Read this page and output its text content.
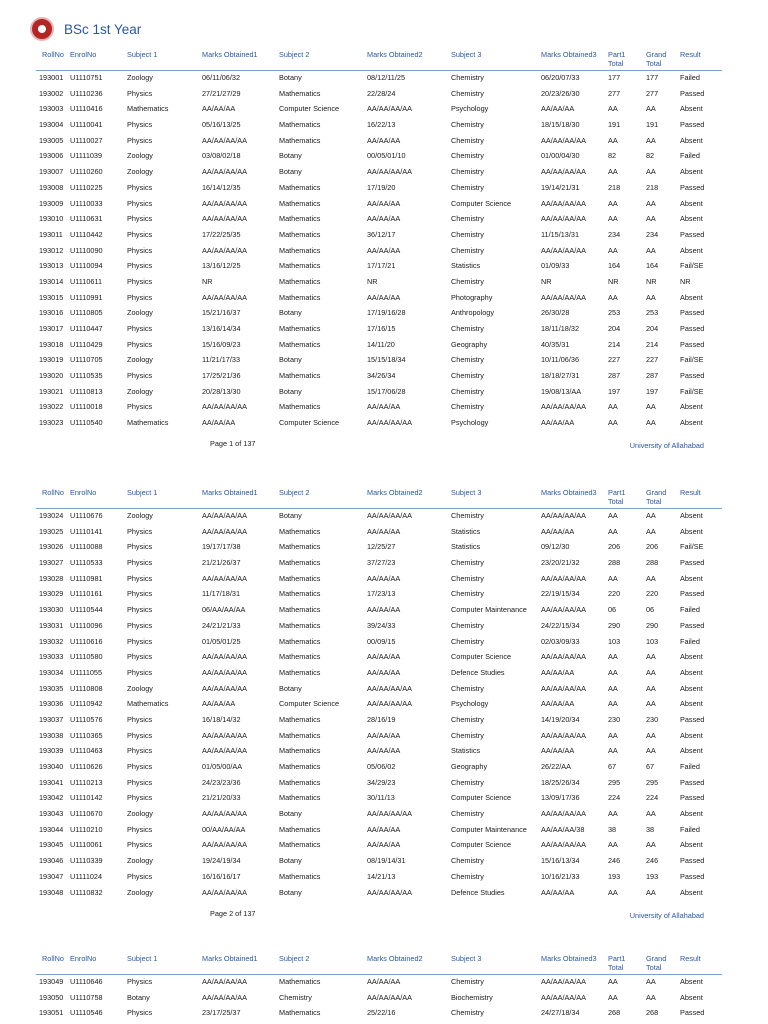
BSc 1st Year
RollNo EnrolNo	Subject 1	Marks Obtained1	Subject 2	Marks Obtained2	Subject 3	Marks Obtained3	Part1 Total
Grand Total
Result
193001 U1110751	Zoology	06/11/06/32	Botany	08/12/11/25	Chemistry	06/20/07/33	177	177	Failed
193002 U1110236	Physics	27/21/27/29	Mathematics	22/28/24	Chemistry	20/23/26/30	277	277	Passed
193003 U1110416	Mathematics	AA/AA/AA	Computer Science	AA/AA/AA/AA	Psychology	AA/AA/AA	AA	AA	Absent
193004 U1110041	Physics	05/16/13/25	Mathematics	16/22/13	Chemistry	18/15/18/30	191	191	Passed
193005 U1110027	Physics	AA/AA/AA/AA	Mathematics	AA/AA/AA	Chemistry	AA/AA/AA/AA	AA	AA	Absent
193006 U1111039	Zoology	03/08/02/18	Botany	00/05/01/10	Chemistry	01/00/04/30	82	82	Failed
193007 U1110260	Zoology	AA/AA/AA/AA	Botany	AA/AA/AA/AA	Chemistry	AA/AA/AA/AA	AA	AA	Absent
193008 U1110225	Physics	16/14/12/35	Mathematics	17/19/20	Chemistry	19/14/21/31	218	218	Passed
193009 U1110033	Physics	AA/AA/AA/AA	Mathematics	AA/AA/AA	Computer Science	AA/AA/AA/AA	AA	AA	Absent
193010 U1110631	Physics	AA/AA/AA/AA	Mathematics	AA/AA/AA	Chemistry	AA/AA/AA/AA	AA	AA	Absent
193011 U1110442	Physics	17/22/25/35	Mathematics	36/12/17	Chemistry	11/15/13/31	234	234	Passed
193012 U1110090	Physics	AA/AA/AA/AA	Mathematics	AA/AA/AA	Chemistry	AA/AA/AA/AA	AA	AA	Absent
193013 U1110094	Physics	13/16/12/25	Mathematics	17/17/21	Statistics	01/09/33	164	164	Fail/SE
193014 U1110611	Physics	NR	Mathematics	NR	Chemistry	NR	NR	NR	NR
193015 U1110991	Physics	AA/AA/AA/AA	Mathematics	AA/AA/AA	Photography	AA/AA/AA/AA	AA	AA	Absent
193016 U1110805	Zoology	15/21/16/37	Botany	17/19/16/28	Anthropology	26/30/28	253	253	Passed
193017 U1110447	Physics	13/16/14/34	Mathematics	17/16/15	Chemistry	18/11/18/32	204	204	Passed
193018 U1110429	Physics	15/16/09/23	Mathematics	14/11/20	Geography	40/35/31	214	214	Passed
193019 U1110705	Zoology	11/21/17/33	Botany	15/15/18/34	Chemistry	10/11/06/36	227	227	Fail/SE
193020 U1110535	Physics	17/25/21/36	Mathematics	34/26/34	Chemistry	18/18/27/31	287	287	Passed
193021 U1110813	Zoology	20/28/13/30	Botany	15/17/06/28	Chemistry	19/08/13/AA	197	197	Fail/SE
193022 U1110018	Physics	AA/AA/AA/AA	Mathematics	AA/AA/AA	Chemistry	AA/AA/AA/AA	AA	AA	Absent
193023 U1110540	Mathematics	AA/AA/AA	Computer Science	AA/AA/AA/AA	Psychology	AA/AA/AA	AA	AA	Absent
Page 1 of 137	University of Allahabad
RollNo EnrolNo	Subject 1	Marks Obtained1	Subject 2	Marks Obtained2	Subject 3	Marks Obtained3	Part1 Total
Grand Total
Result
193024 U1110676	Zoology	AA/AA/AA/AA	Botany	AA/AA/AA/AA	Chemistry	AA/AA/AA/AA	AA	AA	Absent
193025 U1110141	Physics	AA/AA/AA/AA	Mathematics	AA/AA/AA	Statistics	AA/AA/AA	AA	AA	Absent
193026 U1110088	Physics	19/17/17/38	Mathematics	12/25/27	Statistics	09/12/30	206	206	Fail/SE
193027 U1110533	Physics	21/21/26/37	Mathematics	37/27/23	Chemistry	23/20/21/32	288	288	Passed
193028 U1110981	Physics	AA/AA/AA/AA	Mathematics	AA/AA/AA	Chemistry	AA/AA/AA/AA	AA	AA	Absent
193029 U1110161	Physics	11/17/18/31	Mathematics	17/23/13	Chemistry	22/19/15/34	220	220	Passed
193030 U1110544	Physics	06/AA/AA/AA	Mathematics	AA/AA/AA	Computer Maintenance AA/AA/AA/AA	06	06	Failed
193031 U1110096	Physics	24/21/21/33	Mathematics	39/24/33	Chemistry	24/22/15/34	290	290	Passed
193032 U1110616	Physics	01/05/01/25	Mathematics	00/09/15	Chemistry	02/03/09/33	103	103	Failed
193033 U1110580	Physics	AA/AA/AA/AA	Mathematics	AA/AA/AA	Computer Science	AA/AA/AA/AA	AA	AA	Absent
193034 U1111055	Physics	AA/AA/AA/AA	Mathematics	AA/AA/AA	Defence Studies	AA/AA/AA	AA	AA	Absent
193035 U1110808	Zoology	AA/AA/AA/AA	Botany	AA/AA/AA/AA	Chemistry	AA/AA/AA/AA	AA	AA	Absent
193036 U1110942	Mathematics	AA/AA/AA	Computer Science	AA/AA/AA/AA	Psychology	AA/AA/AA	AA	AA	Absent
193037 U1110576	Physics	16/18/14/32	Mathematics	28/16/19	Chemistry	14/19/20/34	230	230	Passed
193038 U1110365	Physics	AA/AA/AA/AA	Mathematics	AA/AA/AA	Chemistry	AA/AA/AA/AA	AA	AA	Absent
193039 U1110463	Physics	AA/AA/AA/AA	Mathematics	AA/AA/AA	Statistics	AA/AA/AA	AA	AA	Absent
193040 U1110626	Physics	01/05/00/AA	Mathematics	05/06/02	Geography	26/22/AA	67	67	Failed
193041 U1110213	Physics	24/23/23/36	Mathematics	34/29/23	Chemistry	18/25/26/34	295	295	Passed
193042 U1110142	Physics	21/21/20/33	Mathematics	30/11/13	Computer Science	13/09/17/36	224	224	Passed
193043 U1110670	Zoology	AA/AA/AA/AA	Botany	AA/AA/AA/AA	Chemistry	AA/AA/AA/AA	AA	AA	Absent
193044 U1110210	Physics	00/AA/AA/AA	Mathematics	AA/AA/AA	Computer Maintenance AA/AA/AA/38	38	38	Failed
193045 U1110061	Physics	AA/AA/AA/AA	Mathematics	AA/AA/AA	Computer Science	AA/AA/AA/AA	AA	AA	Absent
193046 U1110339	Zoology	19/24/19/34	Botany	08/19/14/31	Chemistry	15/16/13/34	246	246	Passed
193047 U1111024	Physics	16/16/16/17	Mathematics	14/21/13	Chemistry	10/16/21/33	193	193	Passed
193048 U1110832	Zoology	AA/AA/AA/AA	Botany	AA/AA/AA/AA	Defence Studies	AA/AA/AA	AA	AA	Absent
Page 2 of 137	University of Allahabad
RollNo EnrolNo	Subject 1	Marks Obtained1	Subject 2	Marks Obtained2	Subject 3	Marks Obtained3	Part1 Total
Grand Total
Result
193049 U1110646	Physics	AA/AA/AA/AA	Mathematics	AA/AA/AA	Chemistry	AA/AA/AA/AA	AA	AA	Absent
193050 U1110758	Botany	AA/AA/AA/AA	Chemistry	AA/AA/AA/AA	Biochemistry	AA/AA/AA/AA	AA	AA	Absent
193051 U1110546	Physics	23/17/25/37	Mathematics	25/22/16	Chemistry	24/27/18/34	268	268	Passed
